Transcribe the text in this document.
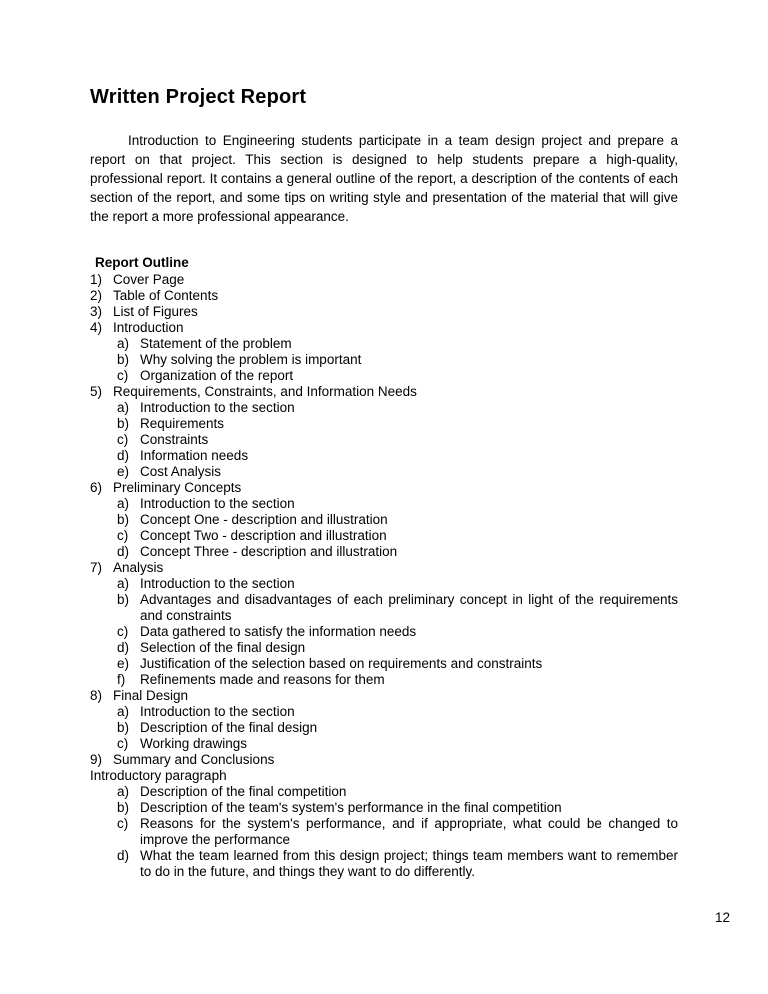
Written Project Report

Introduction to Engineering students participate in a team design project and prepare a report on that project. This section is designed to help students prepare a high-quality, professional report. It contains a general outline of the report, a description of the contents of each section of the report, and some tips on writing style and presentation of the material that will give the report a more professional appearance.

Report Outline
1) Cover Page
2) Table of Contents
3) List of Figures
4) Introduction
a) Statement of the problem
b) Why solving the problem is important
c) Organization of the report
5) Requirements, Constraints, and Information Needs
a) Introduction to the section
b) Requirements
c) Constraints
d) Information needs
e) Cost Analysis
6) Preliminary Concepts
a) Introduction to the section
b) Concept One - description and illustration
c) Concept Two - description and illustration
d) Concept Three - description and illustration
7) Analysis
a) Introduction to the section
b) Advantages and disadvantages of each preliminary concept in light of the requirements and constraints
c) Data gathered to satisfy the information needs
d) Selection of the final design
e) Justification of the selection based on requirements and constraints
f)	Refinements made and reasons for them
8) Final Design
a) Introduction to the section
b) Description of the final design
c) Working drawings
9) Summary and Conclusions
Introductory paragraph
a) Description of the final competition
b) Description of the team's system's performance in the final competition
c) Reasons for the system's performance, and if appropriate, what could be changed to improve the performance
d) What the team learned from this design project; things team members want to remember to do in the future, and things they want to do differently.
12
